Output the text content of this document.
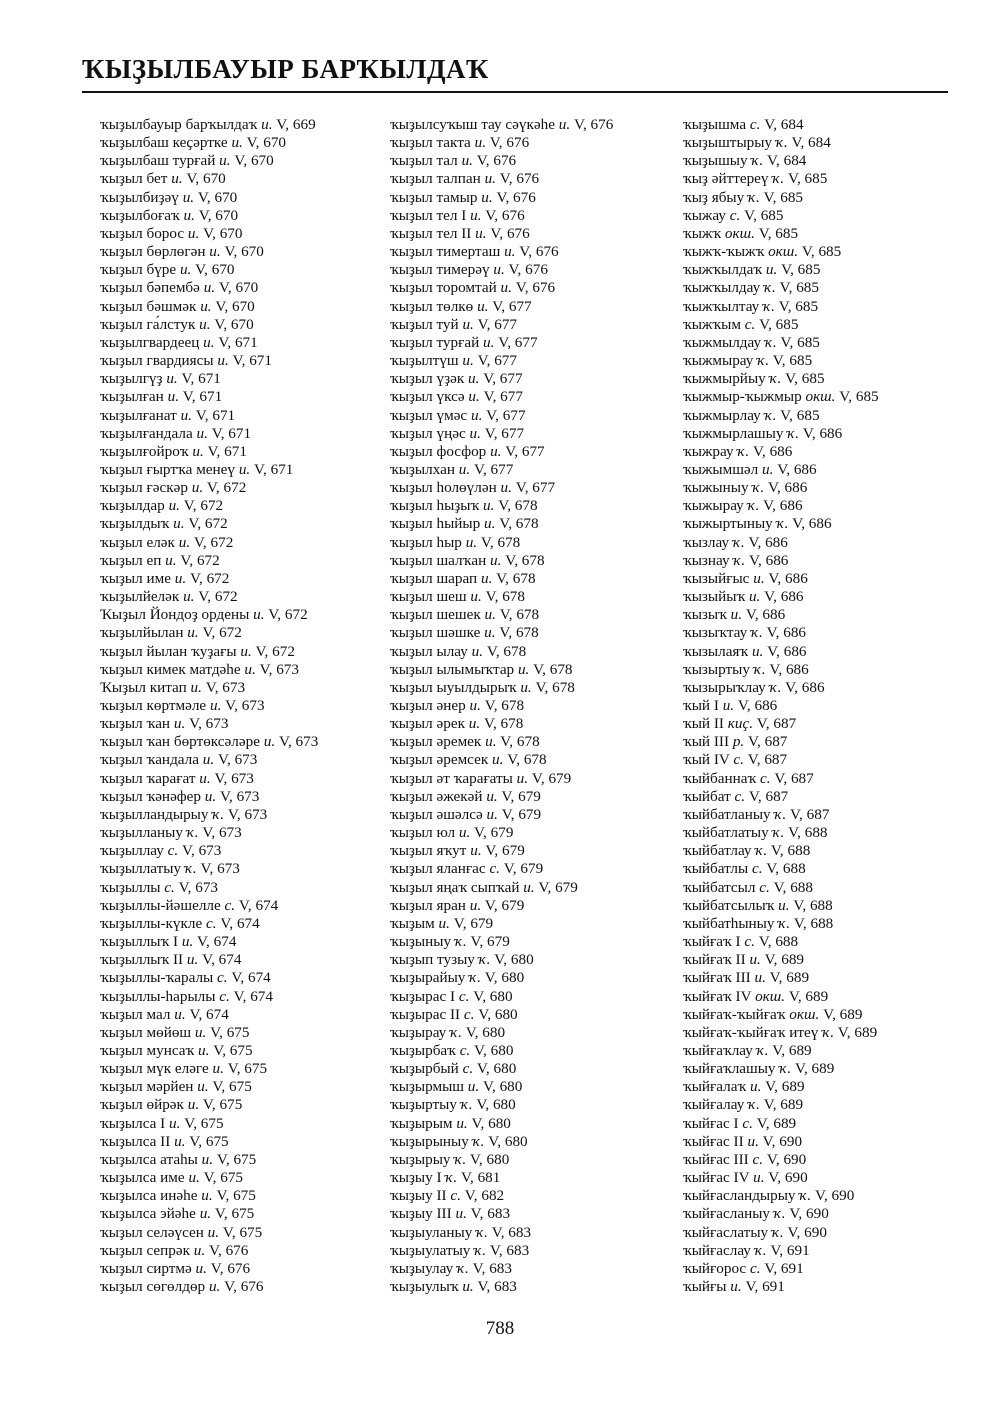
ҠЫҘЫЛБАУЫР БАРҠЫЛДАҠ
ҡыҙылбауыр барҡылдаҡ и. V, 669
ҡыҙылбаш кеҫәртке и. V, 670
ҡыҙылбаш турғай и. V, 670
ҡыҙыл бет и. V, 670
ҡыҙылбиҙәү и. V, 670
ҡыҙылбоғаҡ и. V, 670
ҡыҙыл борос и. V, 670
ҡыҙыл бөрлөгән и. V, 670
ҡыҙыл бүре и. V, 670
ҡыҙыл бәпембә и. V, 670
ҡыҙыл бәшмәк и. V, 670
ҡыҙыл га́лстук и. V, 670
ҡыҙылгвардеец и. V, 671
ҡыҙыл гвардиясы и. V, 671
ҡыҙылгүҙ и. V, 671
ҡыҙылған и. V, 671
ҡыҙылғанат и. V, 671
ҡыҙылғандала и. V, 671
ҡыҙылғойроҡ и. V, 671
ҡыҙыл ғыртҡа менеү и. V, 671
ҡыҙыл ғәскәр и. V, 672
ҡыҙылдар и. V, 672
ҡыҙылдыҡ и. V, 672
ҡыҙыл еләк и. V, 672
ҡыҙыл еп и. V, 672
ҡыҙыл име и. V, 672
ҡыҙылйеләк и. V, 672
Ҡыҙыл Йондоҙ ордены и. V, 672
ҡыҙылйылан и. V, 672
ҡыҙыл йылан ҡуҙағы и. V, 672
ҡыҙыл кимек матдәһе и. V, 673
Ҡыҙыл китап и. V, 673
ҡыҙыл көртмәле и. V, 673
ҡыҙыл ҡан и. V, 673
ҡыҙыл ҡан бөртөксәләре и. V, 673
ҡыҙыл ҡандала и. V, 673
ҡыҙыл ҡарағат и. V, 673
ҡыҙыл ҡәнәфер и. V, 673
ҡыҙылландырыу ҡ. V, 673
ҡыҙылланыу ҡ. V, 673
ҡыҙыллау с. V, 673
ҡыҙыллатыу ҡ. V, 673
ҡыҙыллы с. V, 673
ҡыҙыллы-йәшелле с. V, 674
ҡыҙыллы-күкле с. V, 674
ҡыҙыллыҡ I и. V, 674
ҡыҙыллыҡ II и. V, 674
ҡыҙыллы-ҡаралы с. V, 674
ҡыҙыллы-һарылы с. V, 674
ҡыҙыл мал и. V, 674
ҡыҙыл мөйөш и. V, 675
ҡыҙыл мунсаҡ и. V, 675
ҡыҙыл мүк еләге и. V, 675
ҡыҙыл мәрйен и. V, 675
ҡыҙыл өйрәк и. V, 675
ҡыҙылса I и. V, 675
ҡыҙылса II и. V, 675
ҡыҙылса атаһы и. V, 675
ҡыҙылса име и. V, 675
ҡыҙылса инәһе и. V, 675
ҡыҙылса эйәһе и. V, 675
ҡыҙыл селәүсен и. V, 675
ҡыҙыл сепрәк и. V, 676
ҡыҙыл сиртмә и. V, 676
ҡыҙыл сөгөлдөр и. V, 676
ҡыҙылсуҡыш тау сәүкәһе и. V, 676
ҡыҙыл такта и. V, 676
ҡыҙыл тал и. V, 676
ҡыҙыл талпан и. V, 676
ҡыҙыл тамыр и. V, 676
ҡыҙыл тел I и. V, 676
ҡыҙыл тел II и. V, 676
ҡыҙыл тимерташ и. V, 676
ҡыҙыл тимерәү и. V, 676
ҡыҙыл торомтай и. V, 676
ҡыҙыл төлкө и. V, 677
ҡыҙыл туй и. V, 677
ҡыҙыл турғай и. V, 677
ҡыҙылтүш и. V, 677
ҡыҙыл үҙәк и. V, 677
ҡыҙыл үксә и. V, 677
ҡыҙыл үмәс и. V, 677
ҡыҙыл үңәс и. V, 677
ҡыҙыл фосфор и. V, 677
ҡыҙылхан и. V, 677
ҡыҙыл һолөүлән и. V, 677
ҡыҙыл һыҙыҡ и. V, 678
ҡыҙыл һыйыр и. V, 678
ҡыҙыл һыр и. V, 678
ҡыҙыл шалҡан и. V, 678
ҡыҙыл шарап и. V, 678
ҡыҙыл шеш и. V, 678
ҡыҙыл шешек и. V, 678
ҡыҙыл шәшке и. V, 678
ҡыҙыл ылау и. V, 678
ҡыҙыл ылымыҡтар и. V, 678
ҡыҙыл ыуылдырыҡ и. V, 678
ҡыҙыл әнер и. V, 678
ҡыҙыл әрек и. V, 678
ҡыҙыл әремек и. V, 678
ҡыҙыл әремсек и. V, 678
ҡыҙыл әт ҡарағаты и. V, 679
ҡыҙыл әжекәй и. V, 679
ҡыҙыл әшәлсә и. V, 679
ҡыҙыл юл и. V, 679
ҡыҙыл яҡут и. V, 679
ҡыҙыл яланғас с. V, 679
ҡыҙыл яңаҡ сыпҡай и. V, 679
ҡыҙыл яран и. V, 679
ҡыҙым и. V, 679
ҡыҙыныу ҡ. V, 679
ҡыҙып тузыу ҡ. V, 680
ҡыҙырайыу ҡ. V, 680
ҡыҙырас I с. V, 680
ҡыҙырас II с. V, 680
ҡыҙырау ҡ. V, 680
ҡыҙырбаҡ с. V, 680
ҡыҙырбый с. V, 680
ҡыҙырмыш и. V, 680
ҡыҙыртыу ҡ. V, 680
ҡыҙырым и. V, 680
ҡыҙырыныу ҡ. V, 680
ҡыҙырыу ҡ. V, 680
ҡыҙыу I ҡ. V, 681
ҡыҙыу II с. V, 682
ҡыҙыу III и. V, 683
ҡыҙыуланыу ҡ. V, 683
ҡыҙыулатыу ҡ. V, 683
ҡыҙыулау ҡ. V, 683
ҡыҙыулыҡ и. V, 683
ҡыҙышма с. V, 684
ҡыҙыштырыу ҡ. V, 684
ҡыҙышыу ҡ. V, 684
ҡыҙ әйттереү ҡ. V, 685
ҡыҙ ябыу ҡ. V, 685
ҡыжау с. V, 685
ҡыжҡ окш. V, 685
ҡыжҡ-ҡыжҡ окш. V, 685
ҡыжҡылдаҡ и. V, 685
ҡыжҡылдау ҡ. V, 685
ҡыжҡылтау ҡ. V, 685
ҡыжҡым с. V, 685
ҡыжмылдау ҡ. V, 685
ҡыжмырау ҡ. V, 685
ҡыжмырйыу ҡ. V, 685
ҡыжмыр-ҡыжмыр окш. V, 685
ҡыжмырлау ҡ. V, 685
ҡыжмырлашыу ҡ. V, 686
ҡыжрау ҡ. V, 686
ҡыжымшәл и. V, 686
ҡыжыныу ҡ. V, 686
ҡыжырау ҡ. V, 686
ҡыжыртыныу ҡ. V, 686
ҡызлау ҡ. V, 686
ҡызнау ҡ. V, 686
ҡызыйғыс и. V, 686
ҡызыйыҡ и. V, 686
ҡызыҡ и. V, 686
ҡызыҡтау ҡ. V, 686
ҡызылаяҡ и. V, 686
ҡызыртыу ҡ. V, 686
ҡызырыҡлау ҡ. V, 686
ҡый I и. V, 686
ҡый II киҫ. V, 687
ҡый III р. V, 687
ҡый IV с. V, 687
ҡыйбаннаҡ с. V, 687
ҡыйбат с. V, 687
ҡыйбатланыу ҡ. V, 687
ҡыйбатлатыу ҡ. V, 688
ҡыйбатлау ҡ. V, 688
ҡыйбатлы с. V, 688
ҡыйбатсыл с. V, 688
ҡыйбатсылыҡ и. V, 688
ҡыйбатһыныу ҡ. V, 688
ҡыйғаҡ I с. V, 688
ҡыйғаҡ II и. V, 689
ҡыйғаҡ III и. V, 689
ҡыйғаҡ IV окш. V, 689
ҡыйғаҡ-ҡыйғаҡ окш. V, 689
ҡыйғаҡ-ҡыйғаҡ итеү ҡ. V, 689
ҡыйғаҡлау ҡ. V, 689
ҡыйғаҡлашыу ҡ. V, 689
ҡыйғалаҡ и. V, 689
ҡыйғалау ҡ. V, 689
ҡыйғас I с. V, 689
ҡыйғас II и. V, 690
ҡыйғас III с. V, 690
ҡыйғас IV и. V, 690
ҡыйғасландырыу ҡ. V, 690
ҡыйғасланыу ҡ. V, 690
ҡыйғаслатыу ҡ. V, 690
ҡыйғаслау ҡ. V, 691
ҡыйғорос с. V, 691
ҡыйғы и. V, 691
788
